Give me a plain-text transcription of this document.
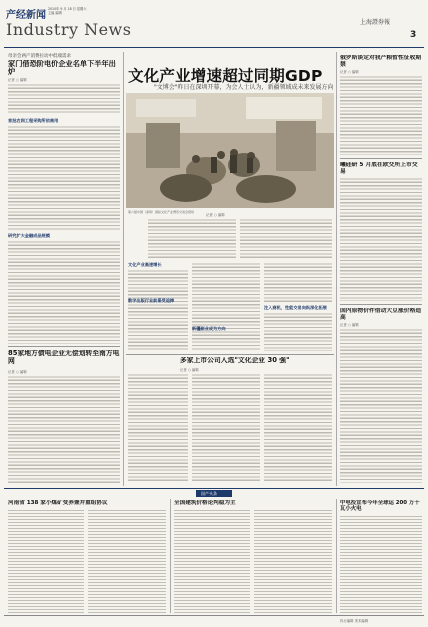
产经新闻
2010年 9 月 18 日 星期六 主编 编辑
Industry News	上海證券報
3
母亲会两产消费拉动中低端需求
家门借恐阶电价企业名单下半年出炉
记者 ○ 编辑
首批农网工程采购所依商用
研究扩大金融成品规模
85家地方债电企业无偿划转至南方电网
记者 ○ 编辑
文化产业增速超过同期GDP
"文博会"昨日在深圳开幕，为会人士认为，新疆领域成未来发展方向
第六届中国（深圳）国际文化产业博览交易会现场
记者 ○ 编辑
文化产业高速增长
注入商机，性能交易向纵深化拓展
数字出版行业前景受追捧
新疆副业成为方向
多家上市公司入选"文化企业 30 强"
记者 ○ 编辑
俄罗斯谈定对我产粮暂性征收期禁
记者 ○ 编辑
曦硅研 5 月底在欧交所上市交易
国内原物价件借动大豆涨价格造高
记者 ○ 编辑
国产头条
河南省 138 家小煤矿变养兼并重组协议	全国建筑价格论判稳为主	中电投宣布今年全球运 200 万千瓦小火电
执行编辑 美术编辑
